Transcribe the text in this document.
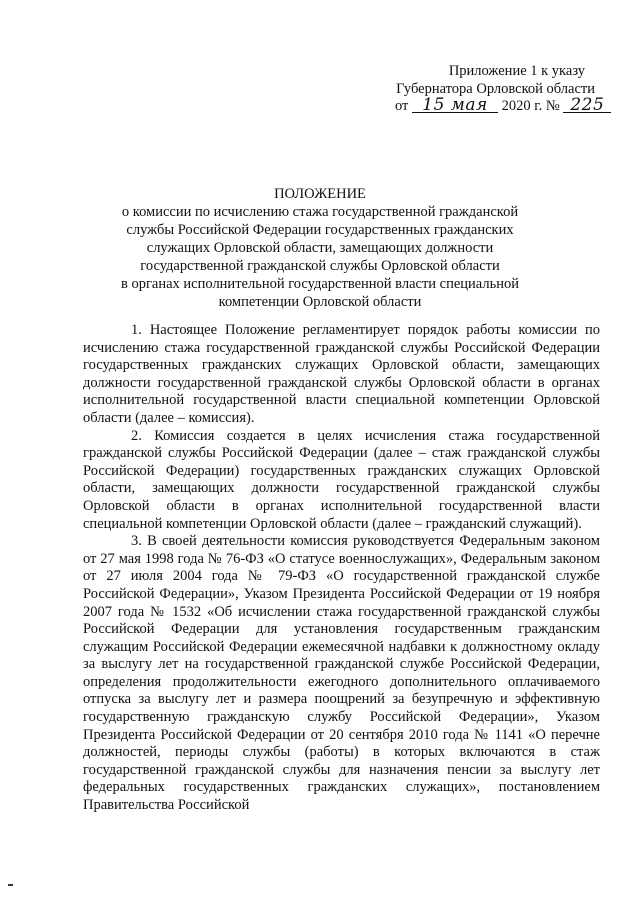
Приложение 1 к указу
Губернатора Орловской области
от 15 мая 2020 г. № 225
ПОЛОЖЕНИЕ
о комиссии по исчислению стажа государственной гражданской
службы Российской Федерации государственных гражданских
служащих Орловской области, замещающих должности
государственной гражданской службы Орловской области
в органах исполнительной государственной власти специальной
компетенции Орловской области

1. Настоящее Положение регламентирует порядок работы комиссии по исчислению стажа государственной гражданской службы Российской Федерации государственных гражданских служащих Орловской области, замещающих должности государственной гражданской службы Орловской области в органах исполнительной государственной власти специальной компетенции Орловской области (далее – комиссия).

2. Комиссия создается в целях исчисления стажа государственной гражданской службы Российской Федерации (далее – стаж гражданской службы Российской Федерации) государственных гражданских служащих Орловской области, замещающих должности государственной гражданской службы Орловской области в органах исполнительной государственной власти специальной компетенции Орловской области (далее – гражданский служащий).

3. В своей деятельности комиссия руководствуется Федеральным законом от 27 мая 1998 года № 76-ФЗ «О статусе военнослужащих», Федеральным законом от 27 июля 2004 года № 79-ФЗ «О государственной гражданской службе Российской Федерации», Указом Президента Российской Федерации от 19 ноября 2007 года № 1532 «Об исчислении стажа государственной гражданской службы Российской Федерации для установления государственным гражданским служащим Российской Федерации ежемесячной надбавки к должностному окладу за выслугу лет на государственной гражданской службе Российской Федерации, определения продолжительности ежегодного дополнительного оплачиваемого отпуска за выслугу лет и размера поощрений за безупречную и эффективную государственную гражданскую службу Российской Федерации», Указом Президента Российской Федерации от 20 сентября 2010 года № 1141 «О перечне должностей, периоды службы (работы) в которых включаются в стаж государственной гражданской службы для назначения пенсии за выслугу лет федеральных государственных гражданских служащих», постановлением Правительства Российской
